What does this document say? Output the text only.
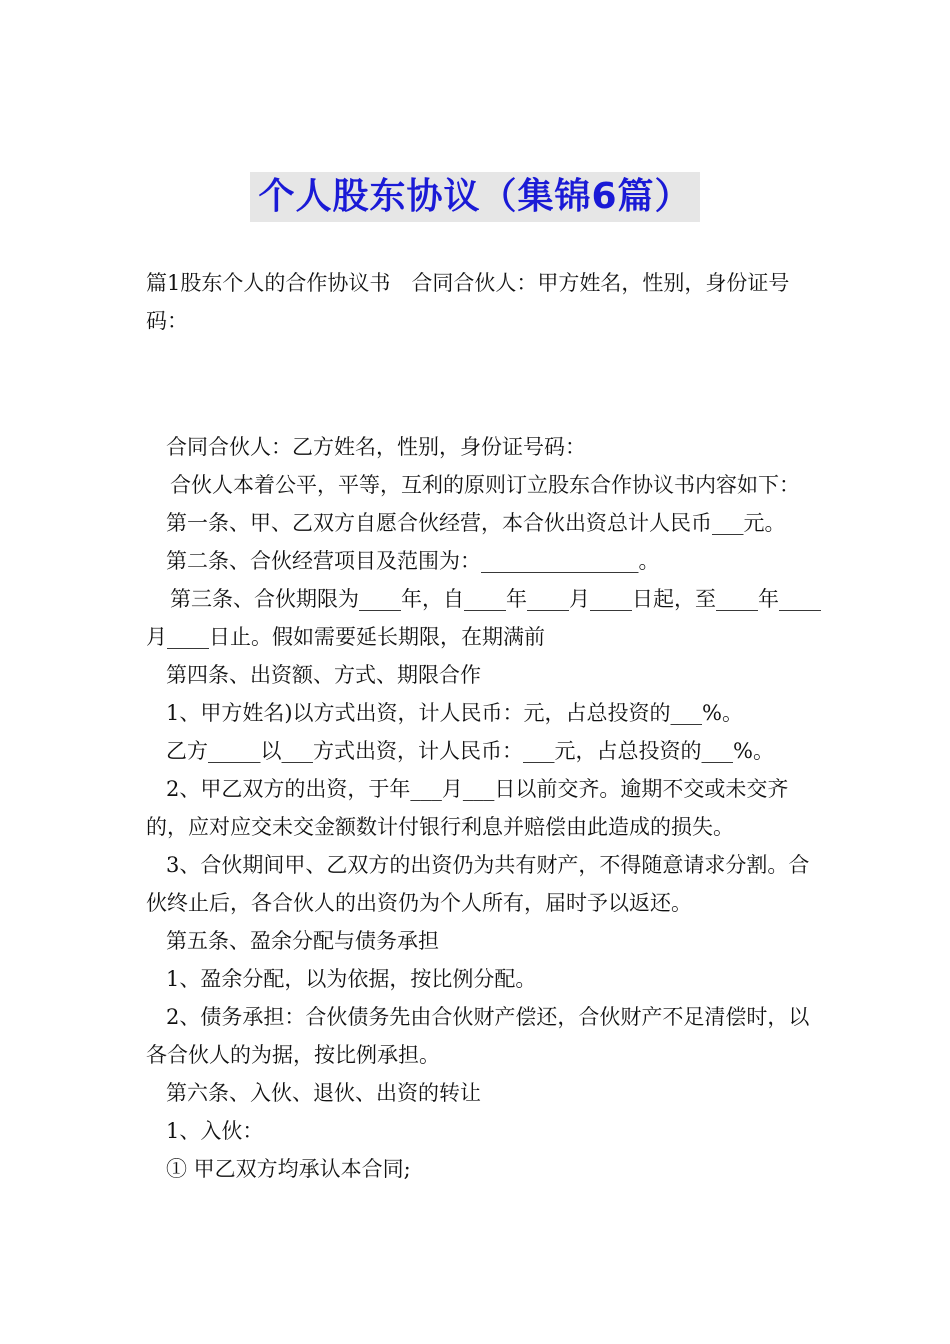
个人股东协议（集锦6篇）

篇1股东个人的合作协议书　合同合伙人：甲方姓名，性别，身份证号码：

合同合伙人：乙方姓名，性别，身份证号码：

合伙人本着公平，平等，互利的原则订立股东合作协议书内容如下：

第一条、甲、乙双方自愿合伙经营，本合伙出资总计人民币___元。

第二条、合伙经营项目及范围为：_______________。

第三条、合伙期限为____年，自____年____月____日起，至____年____月____日止。假如需要延长期限，在期满前

第四条、出资额、方式、期限合作

1、甲方姓名)以方式出资，计人民币：元，占总投资的___%。

乙方_____以___方式出资，计人民币：___元，占总投资的___%。

2、甲乙双方的出资，于年___月___日以前交齐。逾期不交或未交齐的，应对应交未交金额数计付银行利息并赔偿由此造成的损失。

3、合伙期间甲、乙双方的出资仍为共有财产，不得随意请求分割。合伙终止后，各合伙人的出资仍为个人所有，届时予以返还。

第五条、盈余分配与债务承担

1、盈余分配，以为依据，按比例分配。

2、债务承担：合伙债务先由合伙财产偿还，合伙财产不足清偿时，以各合伙人的为据，按比例承担。

第六条、入伙、退伙、出资的转让

1、入伙：

① 甲乙双方均承认本合同;
